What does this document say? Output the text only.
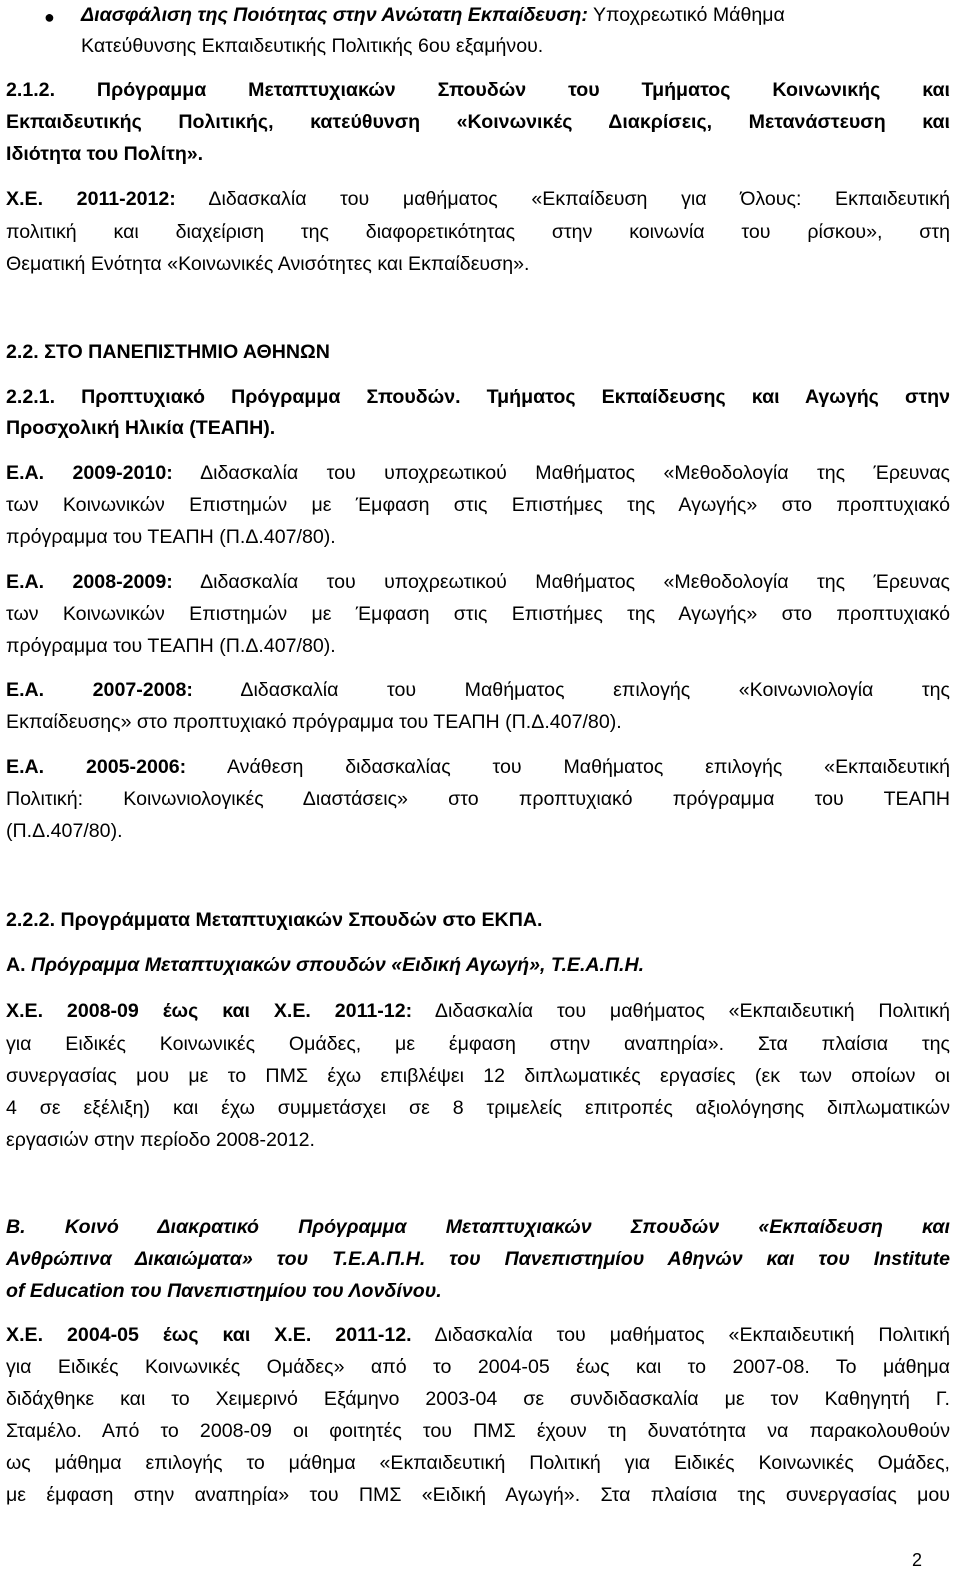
● Διασφάλιση της Ποιότητας στην Ανώτατη Εκπαίδευση: Υποχρεωτικό Μάθημα
Κατεύθυνσης Εκπαιδευτικής Πολιτικής 6ου εξαμήνου.
2.1.2. Πρόγραμμα Μεταπτυχιακών Σπουδών του Τμήματος Κοινωνικής και
Εκπαιδευτικής Πολιτικής, κατεύθυνση «Κοινωνικές Διακρίσεις, Μετανάστευση και
Ιδιότητα του Πολίτη».
Χ.Ε. 2011-2012: Διδασκαλία του μαθήματος «Εκπαίδευση για Όλους: Εκπαιδευτική
πολιτική και διαχείριση της διαφορετικότητας στην κοινωνία του ρίσκου», στη
Θεματική Ενότητα «Κοινωνικές Ανισότητες και Εκπαίδευση».
2.2. ΣΤΟ ΠΑΝΕΠΙΣΤΗΜΙΟ ΑΘΗΝΩΝ
2.2.1. Προπτυχιακό Πρόγραμμα Σπουδών. Τμήματος Εκπαίδευσης και Αγωγής στην
Προσχολική Ηλικία (ΤΕΑΠΗ).
Ε.Α. 2009-2010: Διδασκαλία του υποχρεωτικού Μαθήματος «Μεθοδολογία της Έρευνας
των Κοινωνικών Επιστημών με Έμφαση στις Επιστήμες της Αγωγής» στο προπτυχιακό
πρόγραμμα του ΤΕΑΠΗ (Π.Δ.407/80).
Ε.Α. 2008-2009: Διδασκαλία του υποχρεωτικού Μαθήματος «Μεθοδολογία της Έρευνας
των Κοινωνικών Επιστημών με Έμφαση στις Επιστήμες της Αγωγής» στο προπτυχιακό
πρόγραμμα του ΤΕΑΠΗ (Π.Δ.407/80).
Ε.Α. 2007-2008: Διδασκαλία του Μαθήματος επιλογής «Κοινωνιολογία της
Εκπαίδευσης» στο προπτυχιακό πρόγραμμα του ΤΕΑΠΗ (Π.Δ.407/80).
Ε.Α. 2005-2006: Ανάθεση διδασκαλίας του Μαθήματος επιλογής «Εκπαιδευτική
Πολιτική: Κοινωνιολογικές Διαστάσεις» στο προπτυχιακό πρόγραμμα του ΤΕΑΠΗ
(Π.Δ.407/80).
2.2.2. Προγράμματα Μεταπτυχιακών Σπουδών στο ΕΚΠΑ.
Α. Πρόγραμμα Μεταπτυχιακών σπουδών «Ειδική Αγωγή», Τ.Ε.Α.Π.Η.
Χ.Ε. 2008-09 έως και Χ.Ε. 2011-12: Διδασκαλία του μαθήματος «Εκπαιδευτική Πολιτική
για Ειδικές Κοινωνικές Ομάδες, με έμφαση στην αναπηρία». Στα πλαίσια της
συνεργασίας μου με το ΠΜΣ έχω επιβλέψει 12 διπλωματικές εργασίες (εκ των οποίων οι
4 σε εξέλιξη) και έχω συμμετάσχει σε 8 τριμελείς επιτροπές αξιολόγησης διπλωματικών
εργασιών στην περίοδο 2008-2012.
Β. Κοινό Διακρατικό Πρόγραμμα Μεταπτυχιακών Σπουδών «Εκπαίδευση και
Ανθρώπινα Δικαιώματα» του Τ.Ε.Α.Π.Η. του Πανεπιστημίου Αθηνών και του Institute
of Education του Πανεπιστημίου του Λονδίνου.
Χ.Ε. 2004-05 έως και Χ.Ε. 2011-12. Διδασκαλία του μαθήματος «Εκπαιδευτική Πολιτική
για Ειδικές Κοινωνικές Ομάδες» από το 2004-05 έως και το 2007-08. Το μάθημα
διδάχθηκε και το Χειμερινό Εξάμηνο 2003-04 σε συνδιδασκαλία με τον Καθηγητή Γ.
Σταμέλο. Από το 2008-09 οι φοιτητές του ΠΜΣ έχουν τη δυνατότητα να παρακολουθούν
ως μάθημα επιλογής το μάθημα «Εκπαιδευτική Πολιτική για Ειδικές Κοινωνικές Ομάδες,
με έμφαση στην αναπηρία» του ΠΜΣ «Ειδική Αγωγή». Στα πλαίσια της συνεργασίας μου
2
